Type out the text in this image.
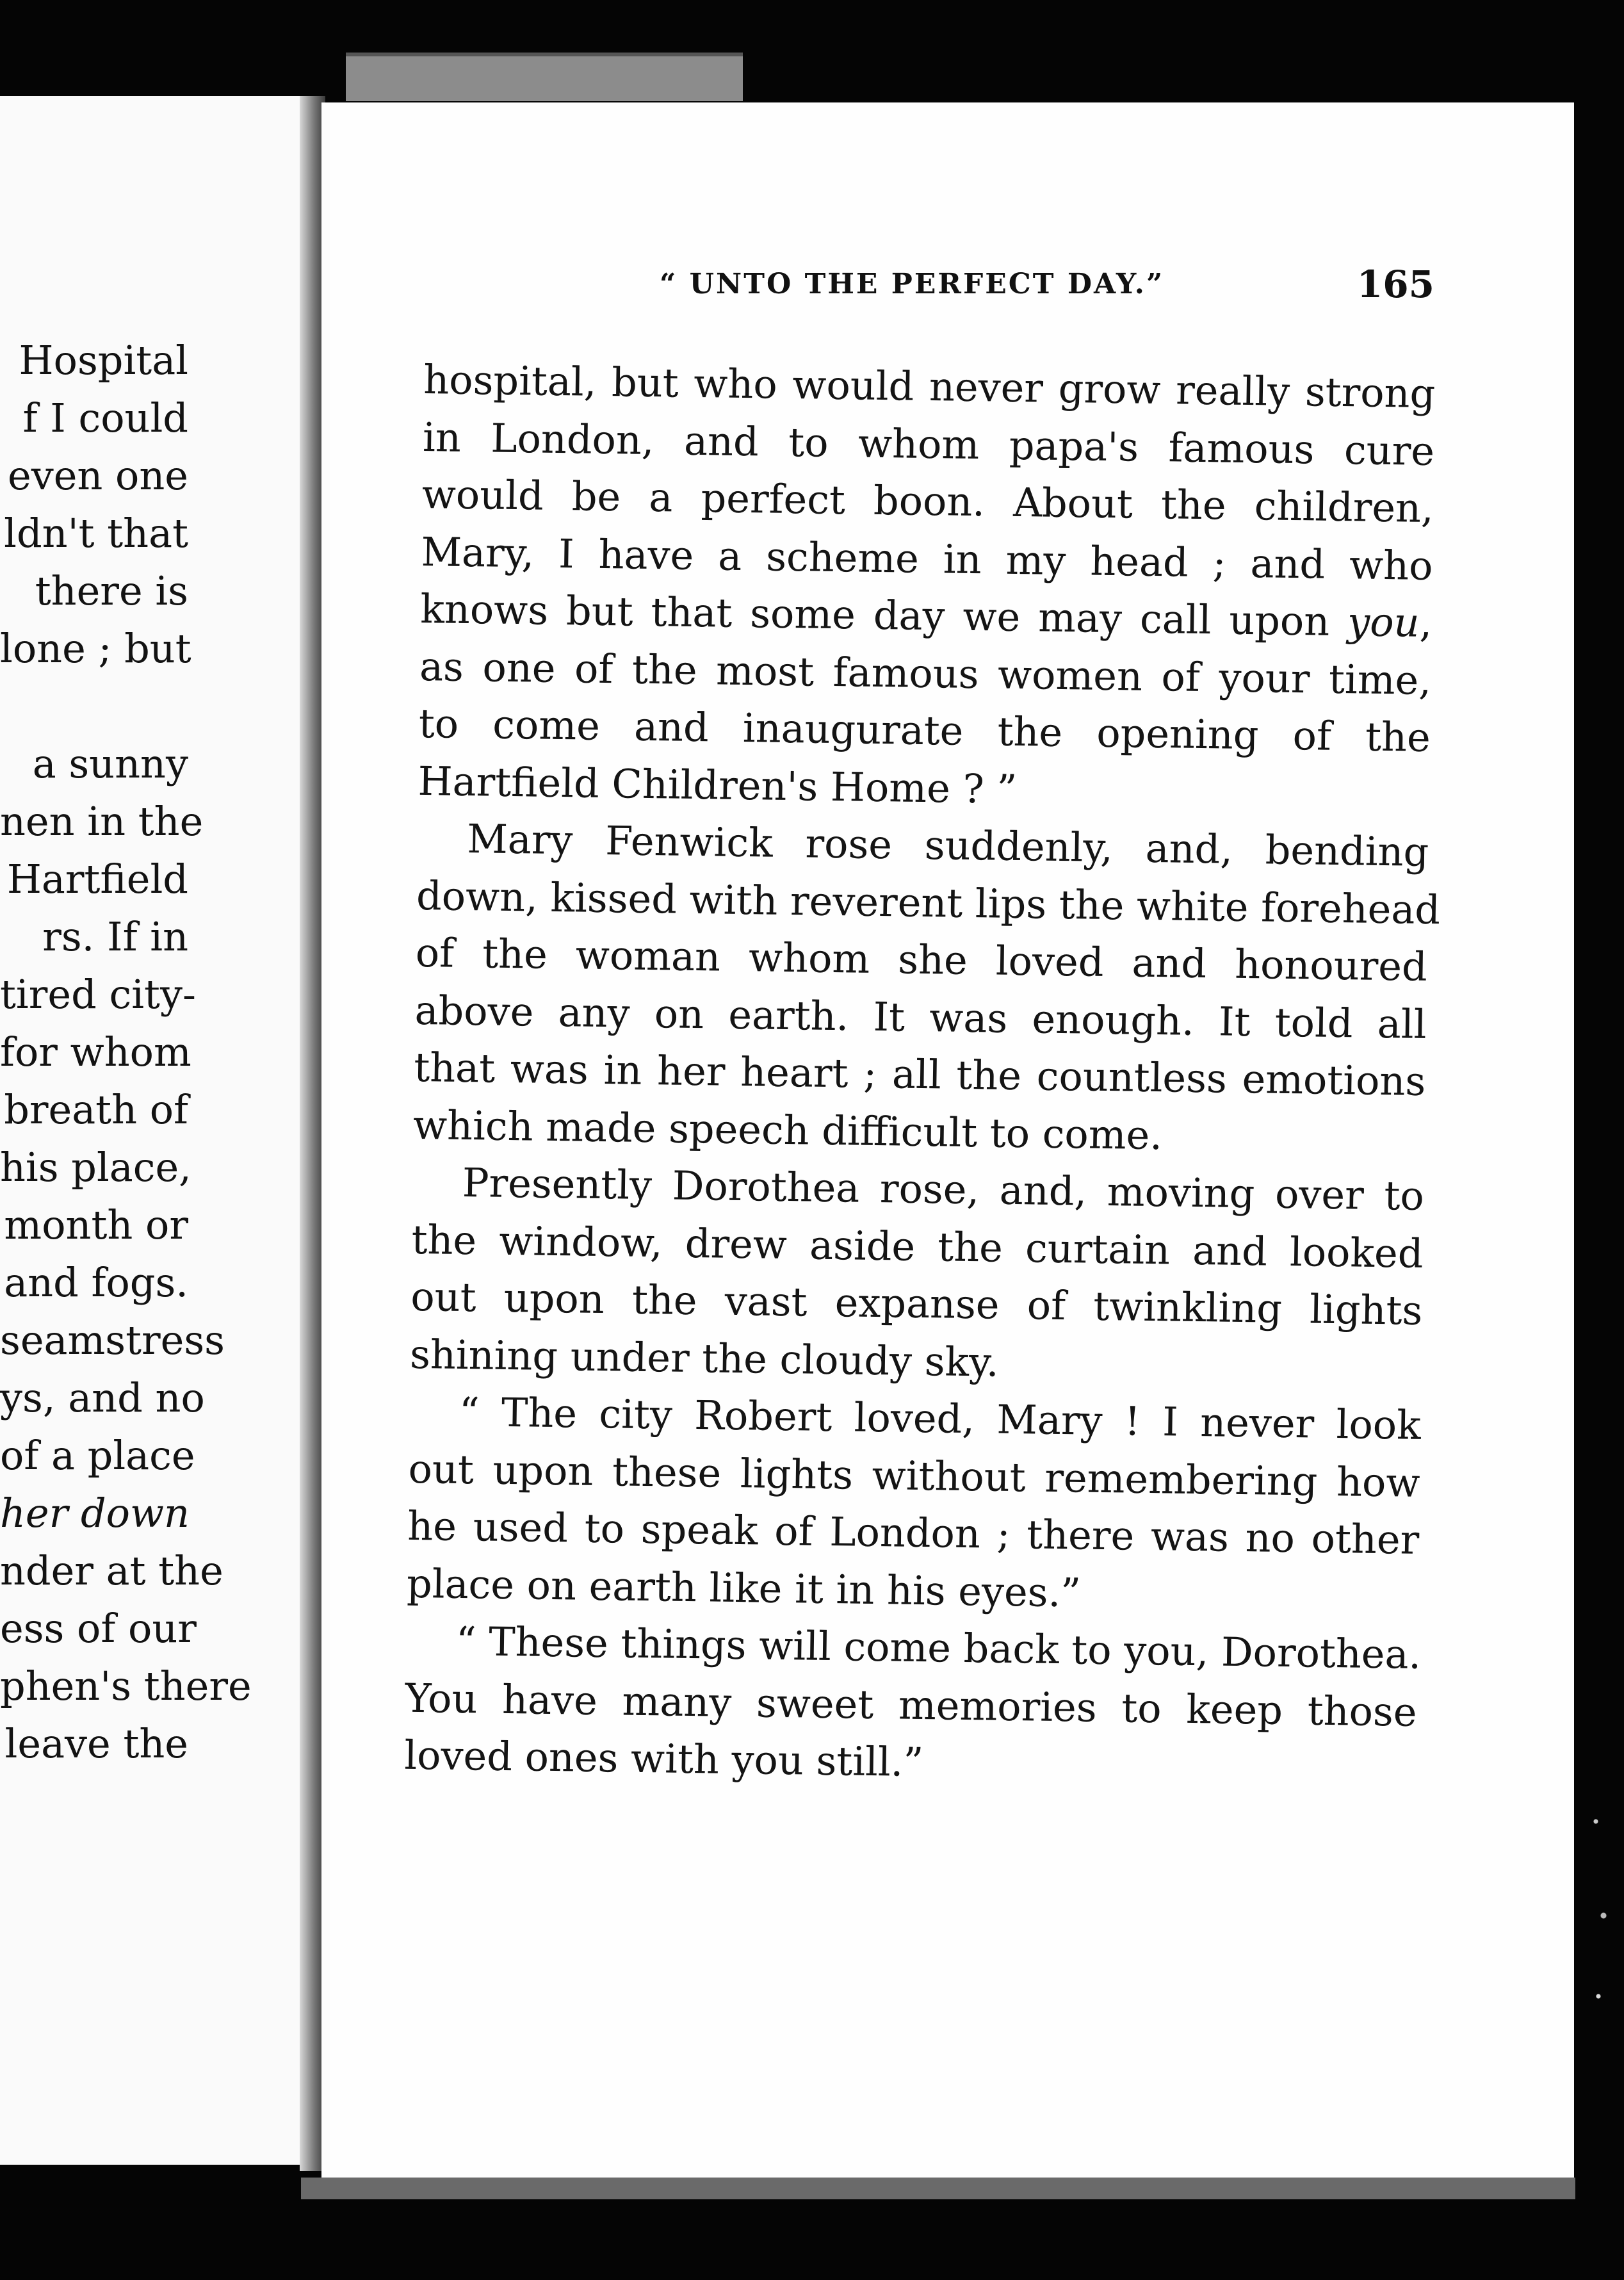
Hospital
f I could
even one
ldn't that
there is
lone ; but
a sunny
nen in the
Hartfield
rs. If in
tired city-
for whom
breath of
his place,
month or
and fogs.
seamstress
ys, and no
of a place
her down
nder at the
ess of our
phen's there
leave the
“ UNTO THE PERFECT DAY.”	165
hospital, but who would never grow really strong
in London, and to whom papa's famous cure
would be a perfect boon. About the children,
Mary, I have a scheme in my head ; and who
knows but that some day we may call upon you,
as one of the most famous women of your time,
to come and inaugurate the opening of the
Hartfield Children's Home ? ”
Mary Fenwick rose suddenly, and, bending
down, kissed with reverent lips the white forehead
of the woman whom she loved and honoured
above any on earth. It was enough. It told all
that was in her heart ; all the countless emotions
which made speech difficult to come.
Presently Dorothea rose, and, moving over to
the window, drew aside the curtain and looked
out upon the vast expanse of twinkling lights
shining under the cloudy sky.
“ The city Robert loved, Mary ! I never look
out upon these lights without remembering how
he used to speak of London ; there was no other
place on earth like it in his eyes.”
“ These things will come back to you, Dorothea.
You have many sweet memories to keep those
loved ones with you still.”
